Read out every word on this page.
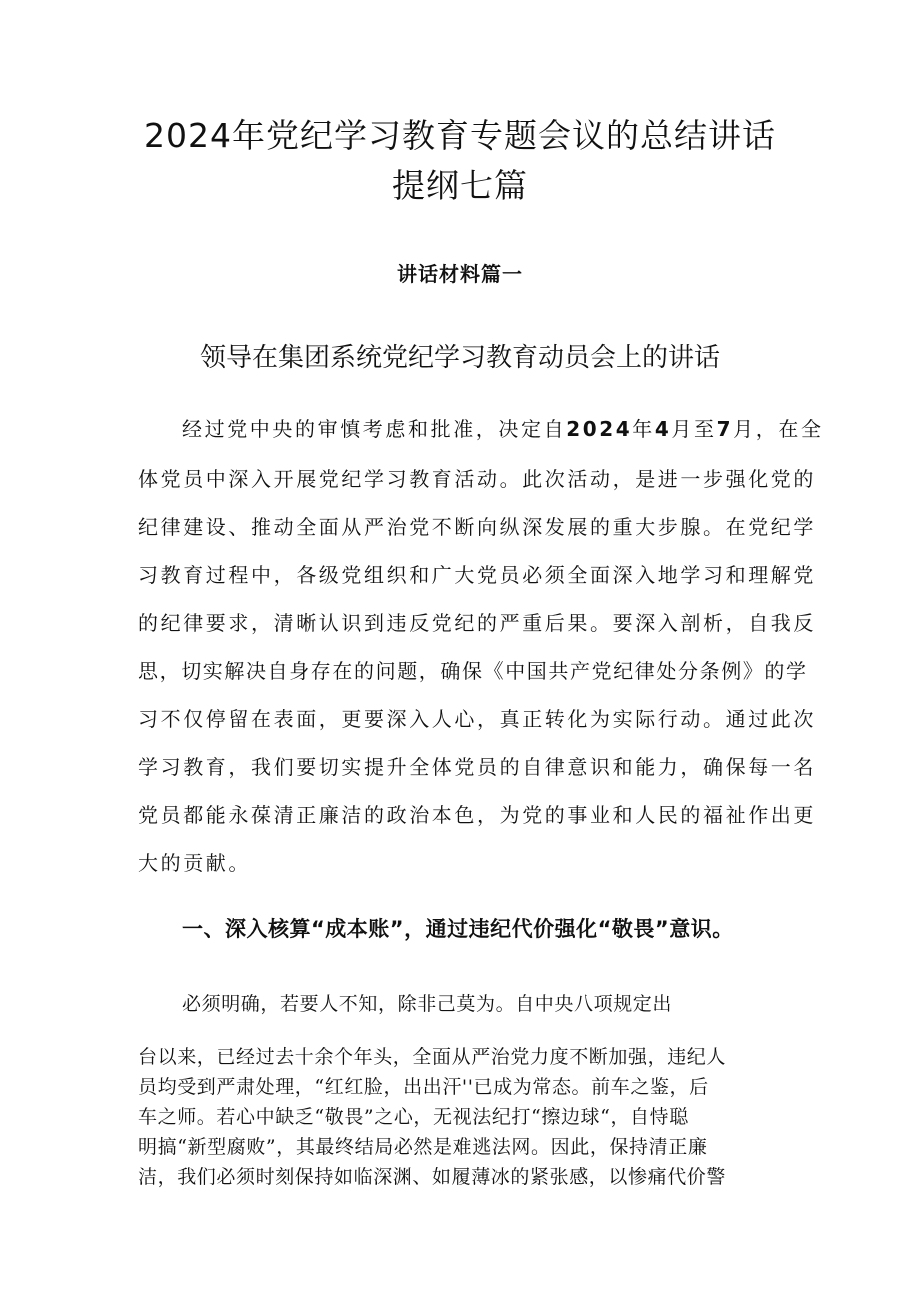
2024年党纪学习教育专题会议的总结讲话
提纲七篇
讲话材料篇一
领导在集团系统党纪学习教育动员会上的讲话

经过党中央的审慎考虑和批准，决定自2024年4月至7月，在全

体党员中深入开展党纪学习教育活动。此次活动，是进一步强化党的

纪律建设、推动全面从严治党不断向纵深发展的重大步腺。在党纪学

习教育过程中，各级党组织和广大党员必须全面深入地学习和理解党

的纪律要求，清晰认识到违反党纪的严重后果。要深入剖析，自我反

思，切实解决自身存在的问题，确保《中国共产党纪律处分条例》的学

习不仅停留在表面，更要深入人心，真正转化为实际行动。通过此次

学习教育，我们要切实提升全体党员的自律意识和能力，确保每一名

党员都能永葆清正廉洁的政治本色，为党的事业和人民的福祉作出更

大的贡献。

一、深入核算“成本账”，通过违纪代价强化“敬畏”意识。

必须明确，若要人不知，除非己莫为。自中央八项规定出

台以来，已经过去十余个年头，全面从严治党力度不断加强，违纪人

员均受到严肃处理，“红红脸，出出汗''已成为常态。前车之鉴，后

车之师。若心中缺乏“敬畏”之心，无视法纪打“擦边球“，自恃聪

明搞“新型腐败”，其最终结局必然是难逃法网。因此，保持清正廉

洁，我们必须时刻保持如临深渊、如履薄冰的紧张感，以惨痛代价警
